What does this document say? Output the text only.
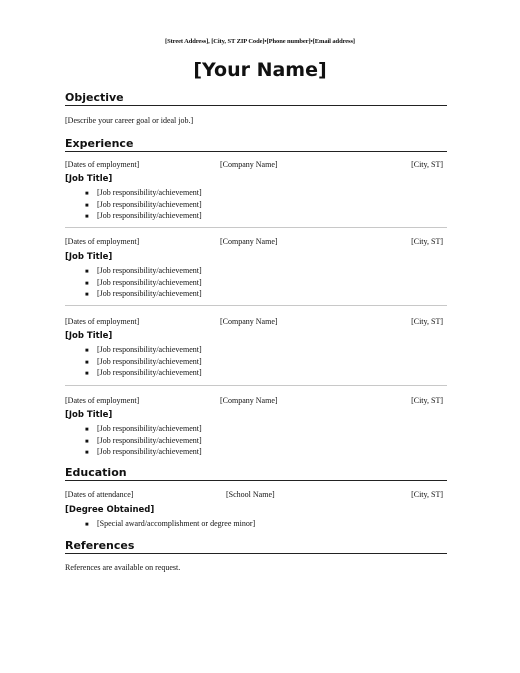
[Street Address], [City, ST ZIP Code]•[Phone number]•[Email address]
[Your Name]
Objective
[Describe your career goal or ideal job.]
Experience
[Dates of employment]	[Company Name]	[City, ST]
[Job Title]
■ [Job responsibility/achievement]
■ [Job responsibility/achievement]
■ [Job responsibility/achievement]
[Dates of employment]	[Company Name]	[City, ST]
[Job Title]
■ [Job responsibility/achievement]
■ [Job responsibility/achievement]
■ [Job responsibility/achievement]
[Dates of employment]	[Company Name]	[City, ST]
[Job Title]
■ [Job responsibility/achievement]
■ [Job responsibility/achievement]
■ [Job responsibility/achievement]
[Dates of employment]	[Company Name]	[City, ST]
[Job Title]
■ [Job responsibility/achievement]
■ [Job responsibility/achievement]
■ [Job responsibility/achievement]
Education
[Dates of attendance]	[School Name]	[City, ST]
[Degree Obtained]
■ [Special award/accomplishment or degree minor]
References
References are available on request.
